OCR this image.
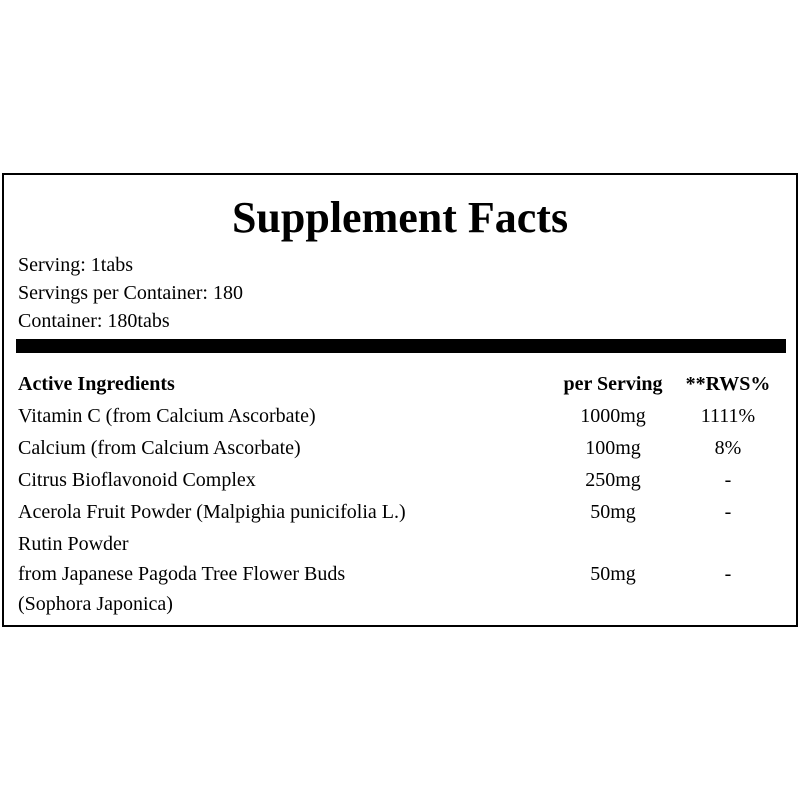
Supplement Facts
Serving: 1tabs
Servings per Container: 180
Container: 180tabs
Active Ingredients	per Serving	**RWS%
Vitamin C (from Calcium Ascorbate)	1000mg	1111%
Calcium (from Calcium Ascorbate)	100mg	8%
Citrus Bioflavonoid Complex	250mg	-
Acerola Fruit Powder (Malpighia punicifolia L.)	50mg	-
Rutin Powder
from Japanese Pagoda Tree Flower Buds
(Sophora Japonica)
50mg	-
